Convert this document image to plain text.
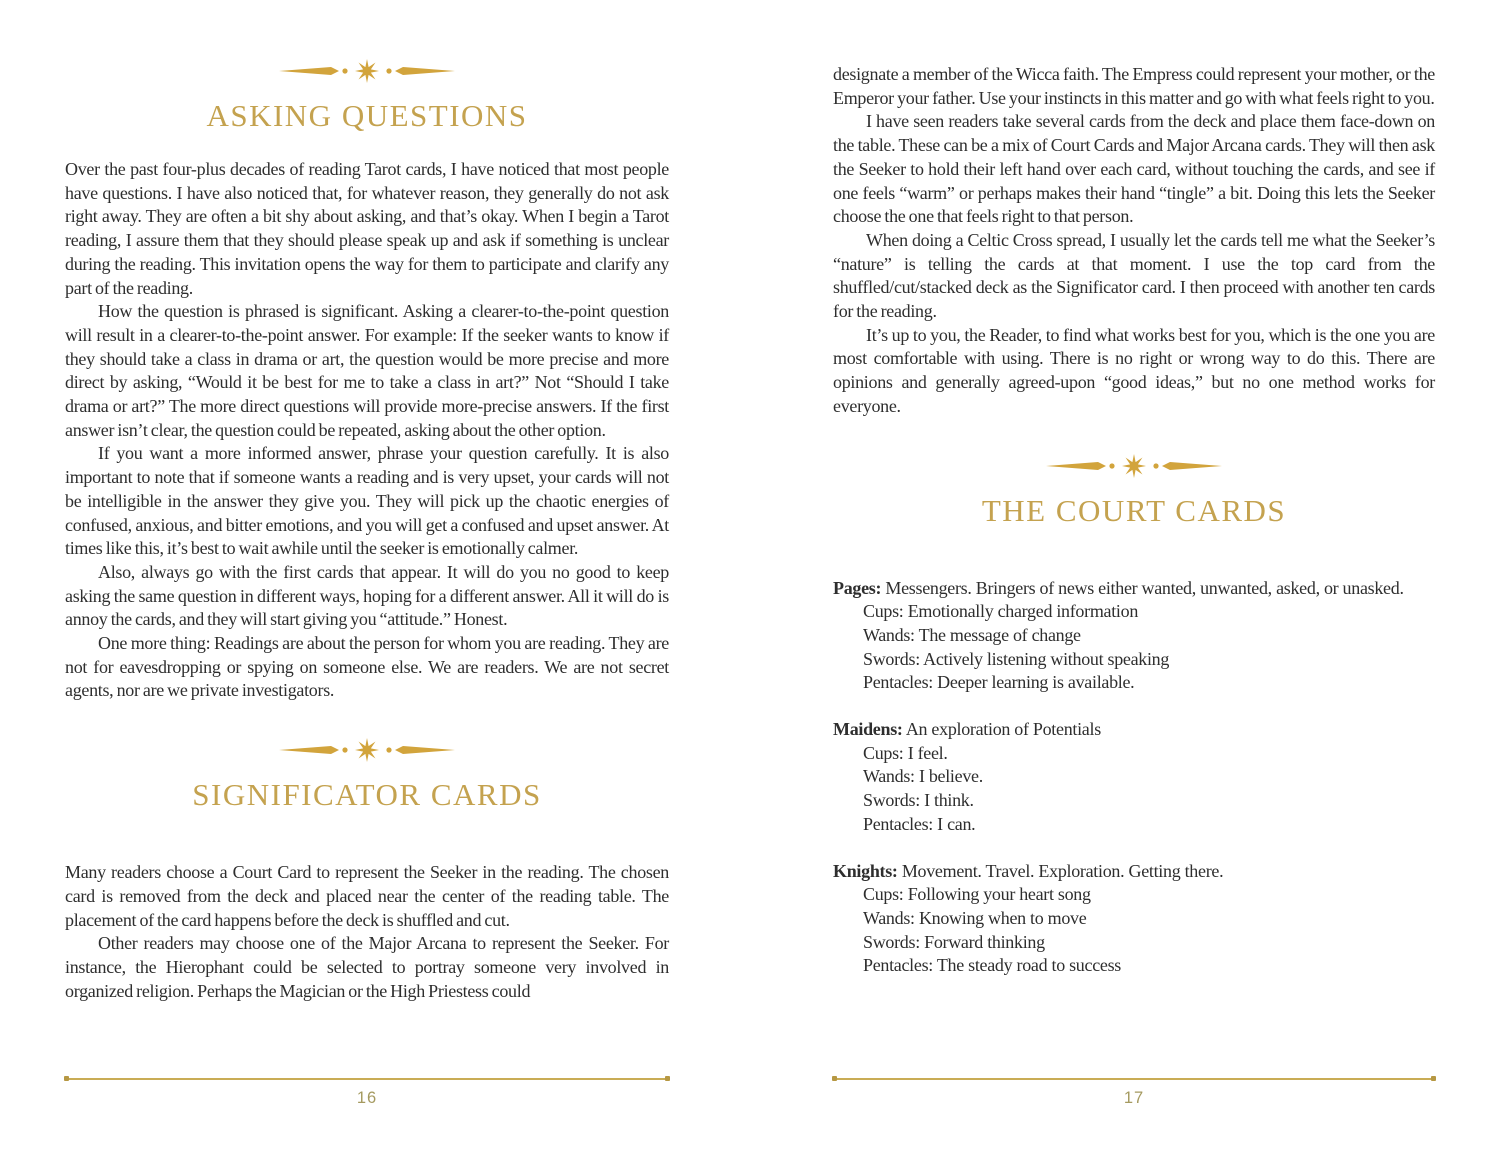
ASKING QUESTIONS

Over the past four-plus decades of reading Tarot cards, I have noticed that most people have questions. I have also noticed that, for whatever reason, they generally do not ask right away. They are often a bit shy about asking, and that’s okay. When I begin a Tarot reading, I assure them that they should please speak up and ask if something is unclear during the reading. This invitation opens the way for them to participate and clarify any part of the reading.

How the question is phrased is significant. Asking a clearer-to-the-point question will result in a clearer-to-the-point answer. For example: If the seeker wants to know if they should take a class in drama or art, the question would be more precise and more direct by asking, “Would it be best for me to take a class in art?” Not “Should I take drama or art?” The more direct questions will provide more-precise answers. If the first answer isn’t clear, the question could be repeated, asking about the other option.

If you want a more informed answer, phrase your question carefully. It is also important to note that if someone wants a reading and is very upset, your cards will not be intelligible in the answer they give you. They will pick up the chaotic energies of confused, anxious, and bitter emotions, and you will get a confused and upset answer. At times like this, it’s best to wait awhile until the seeker is emotionally calmer.

Also, always go with the first cards that appear. It will do you no good to keep asking the same question in different ways, hoping for a different answer. All it will do is annoy the cards, and they will start giving you “attitude.” Honest.

One more thing: Readings are about the person for whom you are reading. They are not for eavesdropping or spying on someone else. We are readers. We are not secret agents, nor are we private investigators.

SIGNIFICATOR CARDS

Many readers choose a Court Card to represent the Seeker in the reading. The chosen card is removed from the deck and placed near the center of the reading table. The placement of the card happens before the deck is shuffled and cut.

Other readers may choose one of the Major Arcana to represent the Seeker. For instance, the Hierophant could be selected to portray someone very involved in organized religion. Perhaps the Magician or the High Priestess could

16

designate a member of the Wicca faith. The Empress could represent your mother, or the Emperor your father. Use your instincts in this matter and go with what feels right to you.

I have seen readers take several cards from the deck and place them face-down on the table. These can be a mix of Court Cards and Major Arcana cards. They will then ask the Seeker to hold their left hand over each card, without touching the cards, and see if one feels “warm” or perhaps makes their hand “tingle” a bit. Doing this lets the Seeker choose the one that feels right to that person.

When doing a Celtic Cross spread, I usually let the cards tell me what the Seeker’s “nature” is telling the cards at that moment. I use the top card from the shuffled/cut/stacked deck as the Significator card. I then proceed with another ten cards for the reading.

It’s up to you, the Reader, to find what works best for you, which is the one you are most comfortable with using. There is no right or wrong way to do this. There are opinions and generally agreed-upon “good ideas,” but no one method works for everyone.

THE COURT CARDS

Pages: Messengers. Bringers of news either wanted, unwanted, asked, or unasked.

Cups: Emotionally charged information

Wands: The message of change

Swords: Actively listening without speaking

Pentacles: Deeper learning is available.

Maidens: An exploration of Potentials

Cups: I feel.

Wands: I believe.

Swords: I think.

Pentacles: I can.

Knights: Movement. Travel. Exploration. Getting there.

Cups: Following your heart song

Wands: Knowing when to move

Swords: Forward thinking

Pentacles: The steady road to success

17
